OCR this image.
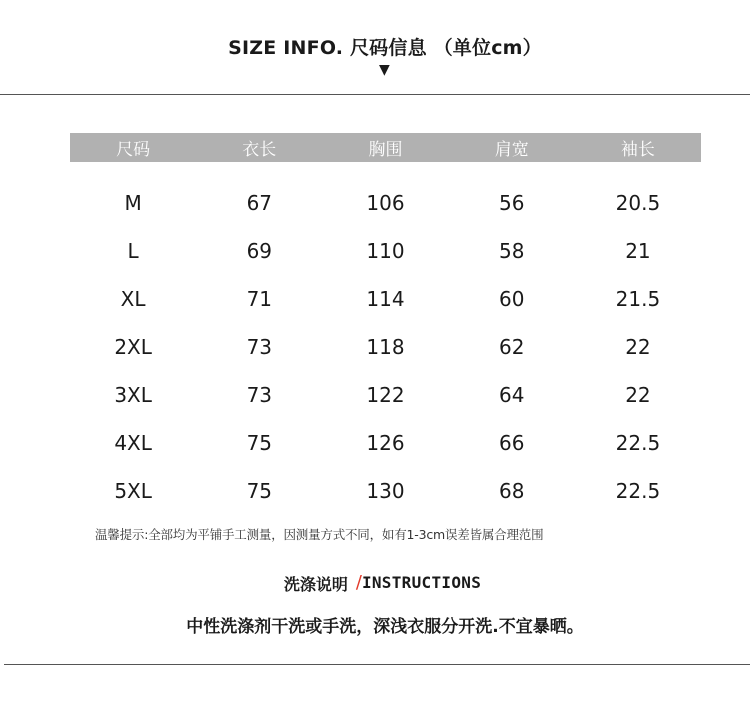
SIZE INFO. 尺码信息 （单位cm）
▼
尺码	衣长	胸围	肩宽	袖长
M	67	106	56	20.5
L	69	110	58	21
XL	71	114	60	21.5
2XL	73	118	62	22
3XL	73	122	64	22
4XL	75	126	66	22.5
5XL	75	130	68	22.5
温馨提示:全部均为平铺手工测量，因测量方式不同，如有1-3cm误差皆属合理范围
洗涤说明 /INSTRUCTIONS
中性洗涤剂干洗或手洗，深浅衣服分开洗.不宜暴晒。
